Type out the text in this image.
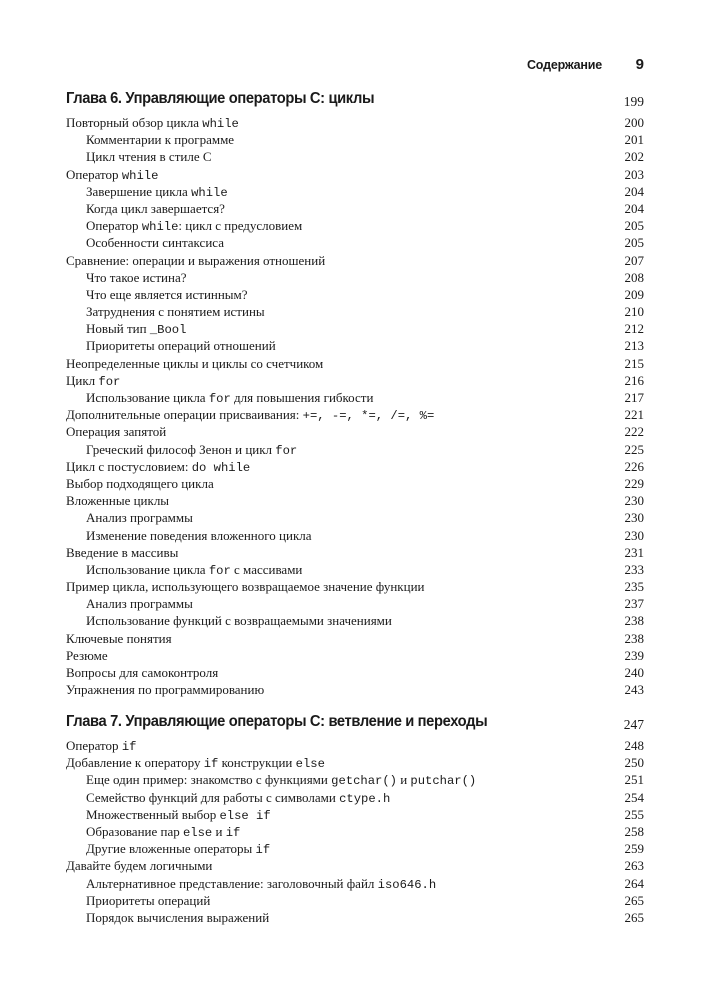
Содержание 9
Глава 6. Управляющие операторы C: циклы	199
Повторный обзор цикла while	200
Комментарии к программе	201
Цикл чтения в стиле C	202
Оператор while	203
Завершение цикла while	204
Когда цикл завершается?	204
Оператор while: цикл с предусловием	205
Особенности синтаксиса	205
Сравнение: операции и выражения отношений	207
Что такое истина?	208
Что еще является истинным?	209
Затруднения с понятием истины	210
Новый тип _Bool	212
Приоритеты операций отношений	213
Неопределенные циклы и циклы со счетчиком	215
Цикл for	216
Использование цикла for для повышения гибкости	217
Дополнительные операции присваивания: +=, -=, *=, /=, %=	221
Операция запятой	222
Греческий философ Зенон и цикл for	225
Цикл с постусловием: do while	226
Выбор подходящего цикла	229
Вложенные циклы	230
Анализ программы	230
Изменение поведения вложенного цикла	230
Введение в массивы	231
Использование цикла for с массивами	233
Пример цикла, использующего возвращаемое значение функции	235
Анализ программы	237
Использование функций с возвращаемыми значениями	238
Ключевые понятия	238
Резюме	239
Вопросы для самоконтроля	240
Упражнения по программированию	243
Глава 7. Управляющие операторы C: ветвление и переходы	247
Оператор if	248
Добавление к оператору if конструкции else	250
Еще один пример: знакомство с функциями getchar() и putchar()	251
Семейство функций для работы с символами ctype.h	254
Множественный выбор else if	255
Образование пар else и if	258
Другие вложенные операторы if	259
Давайте будем логичными	263
Альтернативное представление: заголовочный файл iso646.h	264
Приоритеты операций	265
Порядок вычисления выражений	265
